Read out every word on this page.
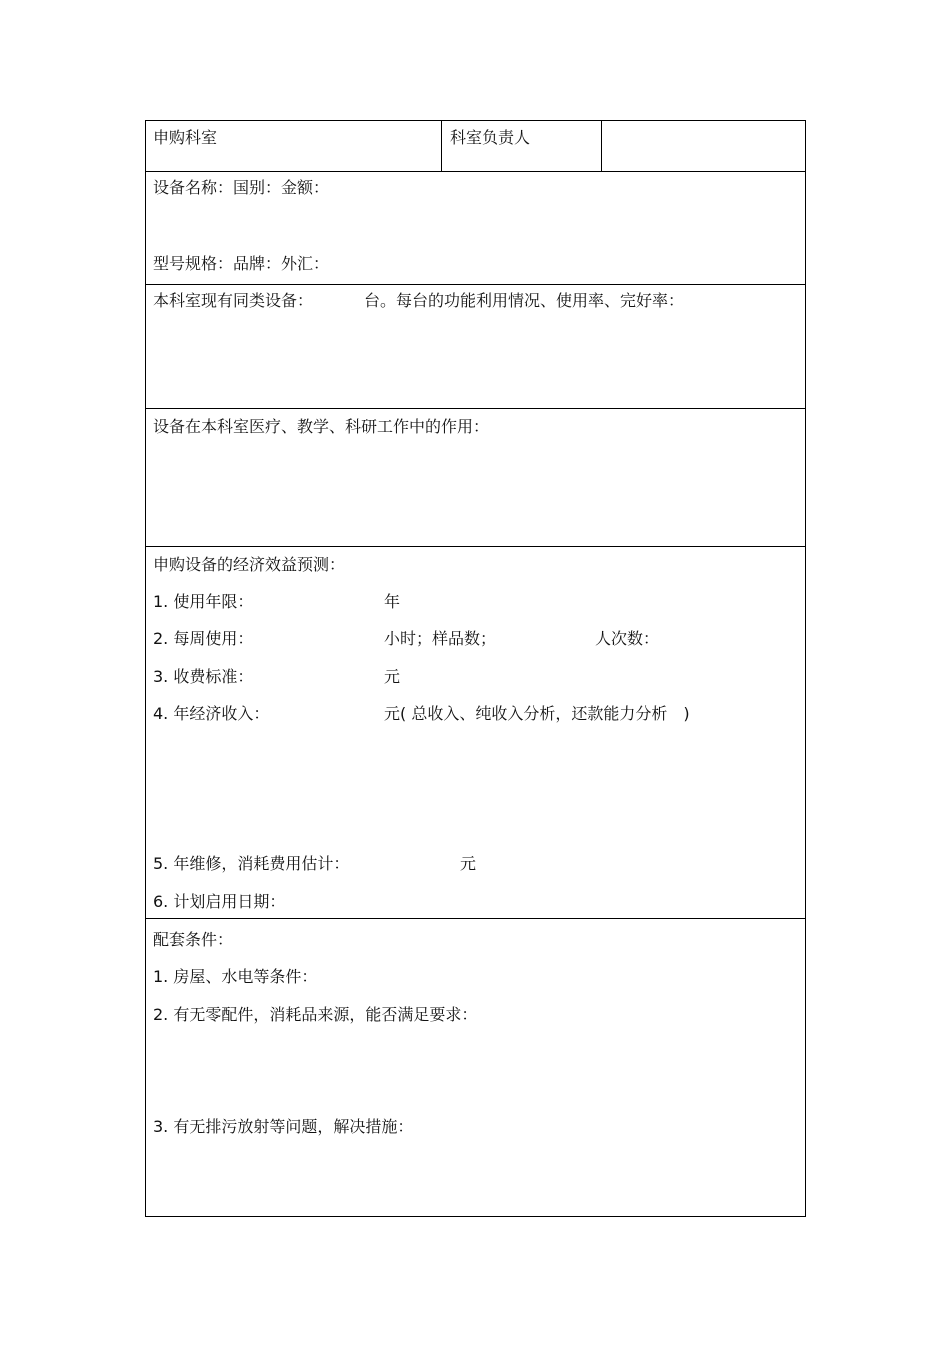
申购科室	科室负责人
设备名称：国别：金额：
型号规格：品牌：外汇：
本科室现有同类设备：	台。每台的功能利用情况、使用率、完好率：
设备在本科室医疗、教学、科研工作中的作用：
申购设备的经济效益预测：
1. 使用年限：	年
2. 每周使用：	小时；样品数；	人次数：
3. 收费标准：	元
4. 年经济收入：	元( 总收入、纯收入分析，还款能力分析　)
5. 年维修，消耗费用估计：	元
6. 计划启用日期：
配套条件：
1. 房屋、水电等条件：
2. 有无零配件，消耗品来源，能否满足要求：
3. 有无排污放射等问题，解决措施：
